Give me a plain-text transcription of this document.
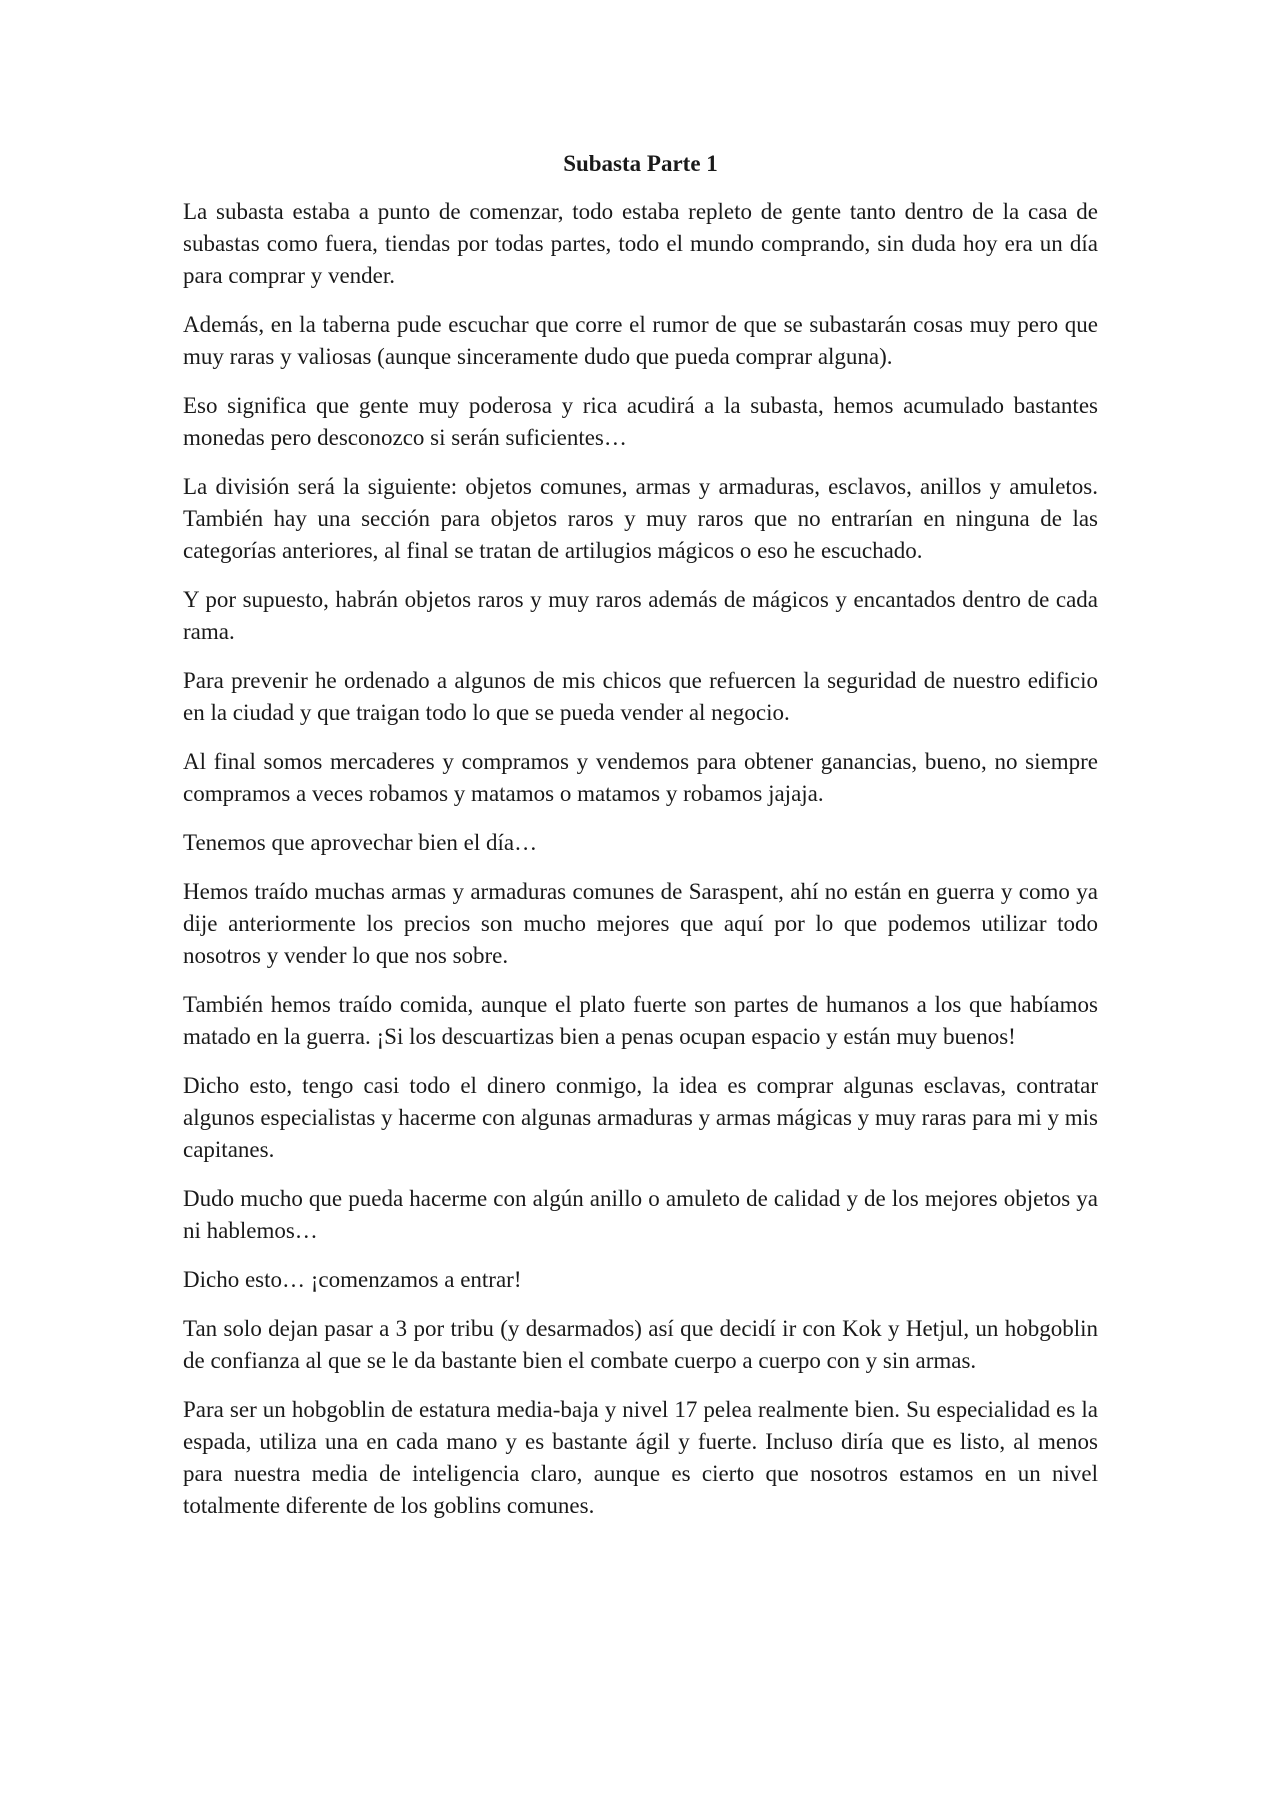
Subasta Parte 1

La subasta estaba a punto de comenzar, todo estaba repleto de gente tanto dentro de la casa de subastas como fuera, tiendas por todas partes, todo el mundo comprando, sin duda hoy era un día para comprar y vender.

Además, en la taberna pude escuchar que corre el rumor de que se subastarán cosas muy pero que muy raras y valiosas (aunque sinceramente dudo que pueda comprar alguna).

Eso significa que gente muy poderosa y rica acudirá a la subasta, hemos acumulado bastantes monedas pero desconozco si serán suficientes…

La división será la siguiente: objetos comunes, armas y armaduras, esclavos, anillos y amuletos. También hay una sección para objetos raros y muy raros que no entrarían en ninguna de las categorías anteriores, al final se tratan de artilugios mágicos o eso he escuchado.

Y por supuesto, habrán objetos raros y muy raros además de mágicos y encantados dentro de cada rama.

Para prevenir he ordenado a algunos de mis chicos que refuercen la seguridad de nuestro edificio en la ciudad y que traigan todo lo que se pueda vender al negocio.

Al final somos mercaderes y compramos y vendemos para obtener ganancias, bueno, no siempre compramos a veces robamos y matamos o matamos y robamos jajaja.

Tenemos que aprovechar bien el día…

Hemos traído muchas armas y armaduras comunes de Saraspent, ahí no están en guerra y como ya dije anteriormente los precios son mucho mejores que aquí por lo que podemos utilizar todo nosotros y vender lo que nos sobre.

También hemos traído comida, aunque el plato fuerte son partes de humanos a los que habíamos matado en la guerra. ¡Si los descuartizas bien a penas ocupan espacio y están muy buenos!

Dicho esto, tengo casi todo el dinero conmigo, la idea es comprar algunas esclavas, contratar algunos especialistas y hacerme con algunas armaduras y armas mágicas y muy raras para mi y mis capitanes.

Dudo mucho que pueda hacerme con algún anillo o amuleto de calidad y de los mejores objetos ya ni hablemos…

Dicho esto… ¡comenzamos a entrar!

Tan solo dejan pasar a 3 por tribu (y desarmados) así que decidí ir con Kok y Hetjul, un hobgoblin de confianza al que se le da bastante bien el combate cuerpo a cuerpo con y sin armas.

Para ser un hobgoblin de estatura media-baja y nivel 17 pelea realmente bien. Su especialidad es la espada, utiliza una en cada mano y es bastante ágil y fuerte. Incluso diría que es listo, al menos para nuestra media de inteligencia claro, aunque es cierto que nosotros estamos en un nivel totalmente diferente de los goblins comunes.
